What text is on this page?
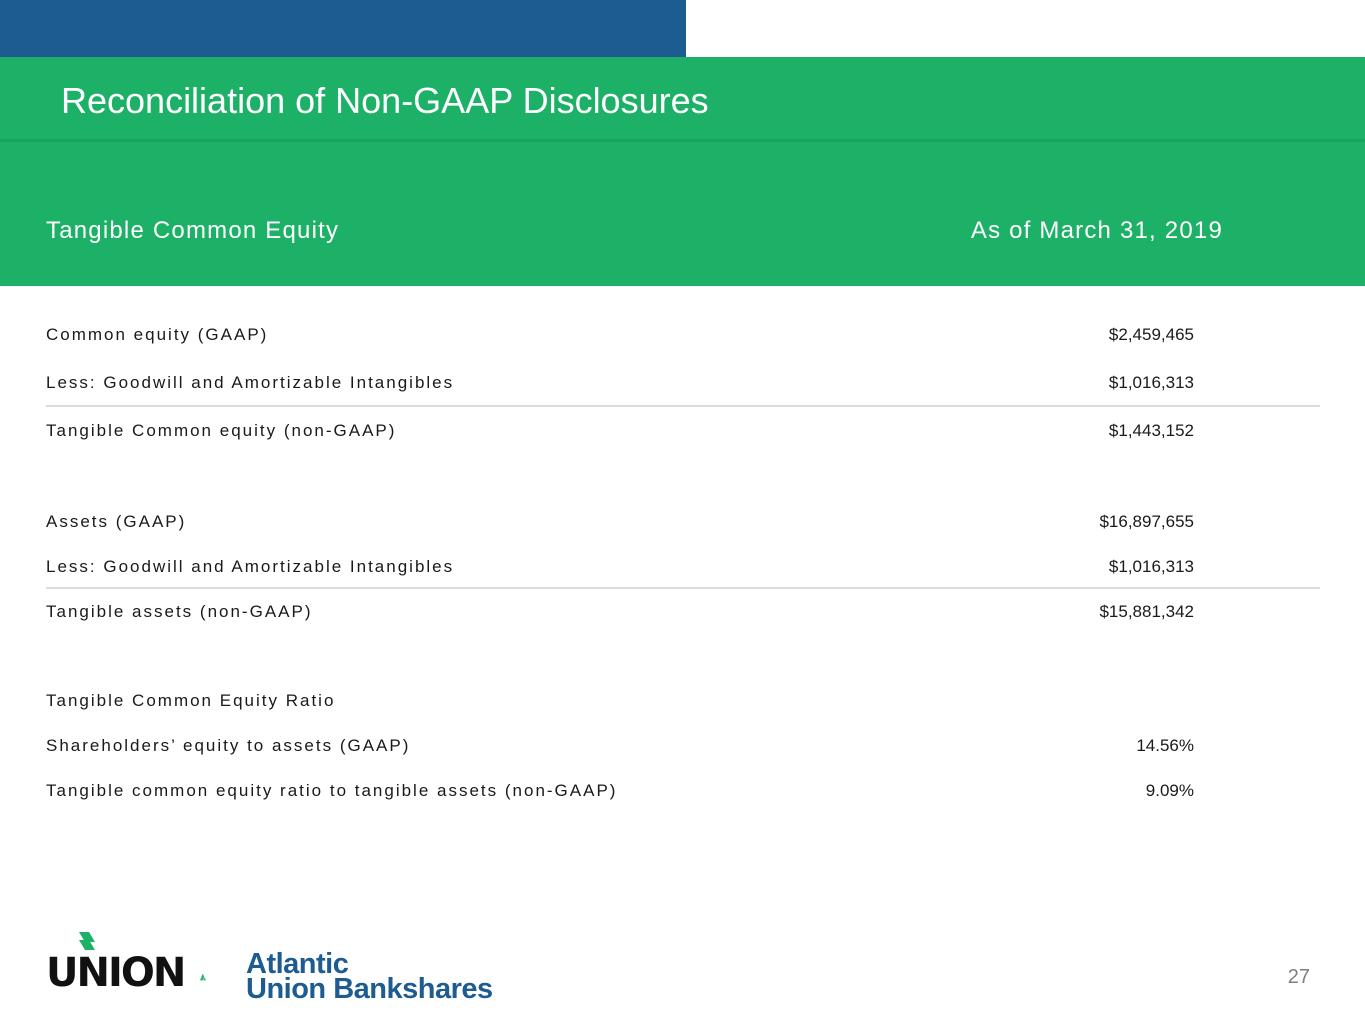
Reconciliation of Non-GAAP Disclosures
Tangible Common Equity	As of March 31, 2019
Common equity (GAAP)	$2,459,465
Less: Goodwill and Amortizable Intangibles	$1,016,313
Tangible Common equity (non-GAAP)	$1,443,152
Assets (GAAP)	$16,897,655
Less: Goodwill and Amortizable Intangibles	$1,016,313
Tangible assets (non-GAAP)	$15,881,342
Tangible Common Equity Ratio
Shareholders’ equity to assets (GAAP)	14.56%
Tangible common equity ratio to tangible assets (non-GAAP)	9.09%
UNION Atlantic
Union Bankshares	27
